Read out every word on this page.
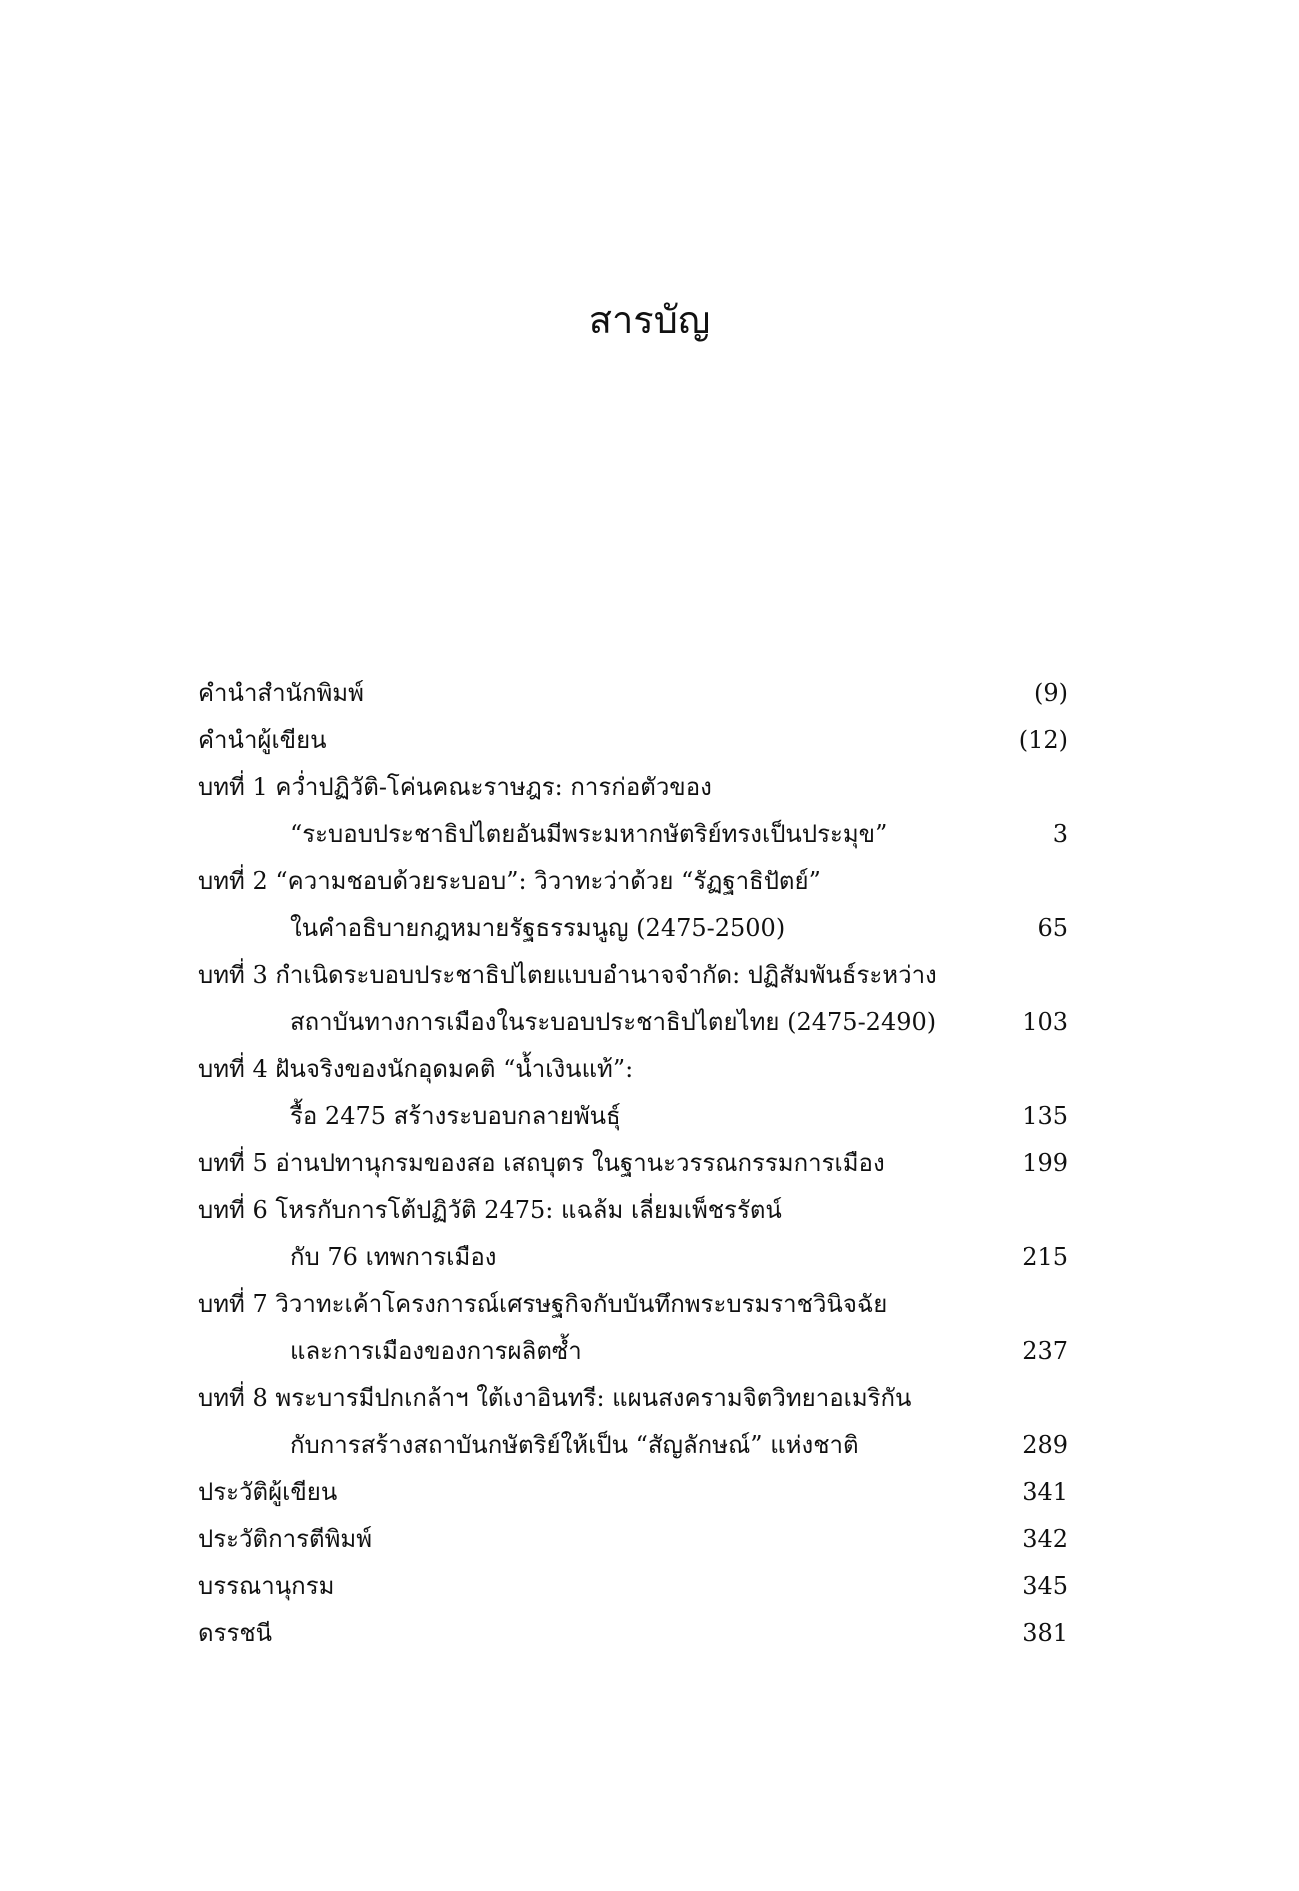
สารบัญ
คำนำสำนักพิมพ์	(9)
คำนำผู้เขียน	(12)
บทที่ 1 คว่ำปฏิวัติ-โค่นคณะราษฎร: การก่อตัวของ
“ระบอบประชาธิปไตยอันมีพระมหากษัตริย์ทรงเป็นประมุข”	3
บทที่ 2 “ความชอบด้วยระบอบ”: วิวาทะว่าด้วย “รัฏฐาธิปัตย์”
ในคำอธิบายกฎหมายรัฐธรรมนูญ (2475-2500)	65
บทที่ 3 กำเนิดระบอบประชาธิปไตยแบบอำนาจจำกัด: ปฏิสัมพันธ์ระหว่าง
สถาบันทางการเมืองในระบอบประชาธิปไตยไทย (2475-2490)	103
บทที่ 4 ฝันจริงของนักอุดมคติ “น้ำเงินแท้”:
รื้อ 2475 สร้างระบอบกลายพันธุ์	135
บทที่ 5 อ่านปทานุกรมของสอ เสถบุตร ในฐานะวรรณกรรมการเมือง	199
บทที่ 6 โหรกับการโต้ปฏิวัติ 2475: แฉล้ม เลี่ยมเพ็ชรรัตน์
กับ 76 เทพการเมือง	215
บทที่ 7 วิวาทะเค้าโครงการณ์เศรษฐกิจกับบันทึกพระบรมราชวินิจฉัย
และการเมืองของการผลิตซ้ำ	237
บทที่ 8 พระบารมีปกเกล้าฯ ใต้เงาอินทรี: แผนสงครามจิตวิทยาอเมริกัน
กับการสร้างสถาบันกษัตริย์ให้เป็น “สัญลักษณ์” แห่งชาติ	289
ประวัติผู้เขียน	341
ประวัติการตีพิมพ์	342
บรรณานุกรม	345
ดรรชนี	381
